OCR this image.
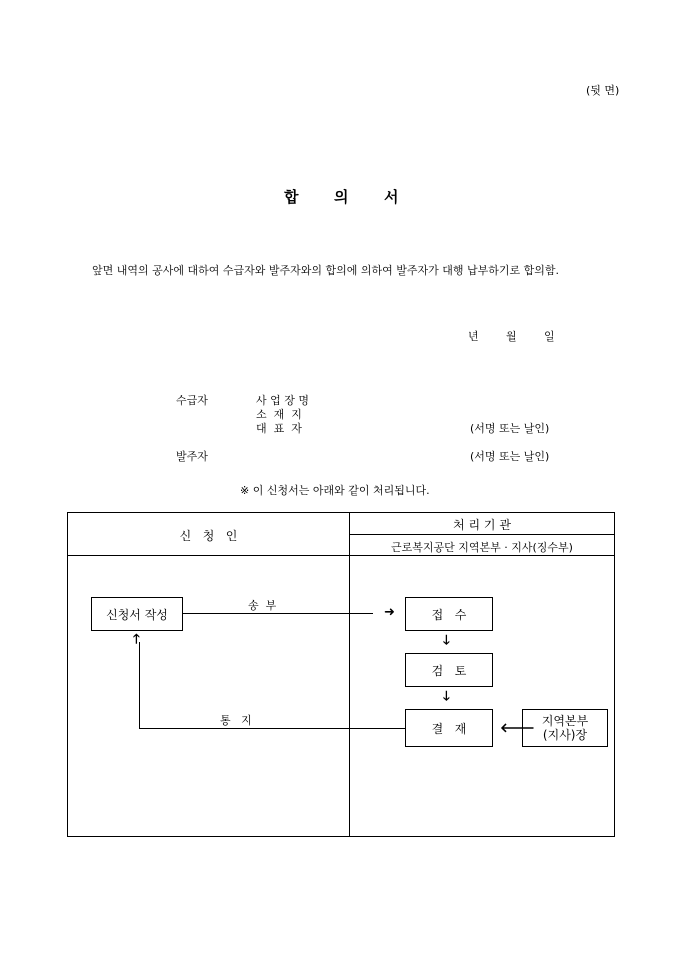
(뒷 면)
합 의 서
앞면 내역의 공사에 대하여 수급자와 발주자와의 합의에 의하여 발주자가 대행 납부하기로 합의함.
년 월 일
수급자	사 업 장 명
소  재  지
대  표  자	(서명 또는 날인)
발주자	(서명 또는 날인)
※ 이 신청서는 아래와 같이 처리됩니다.
신   청   인
처 리 기 관
근로복지공단 지역본부 · 지사(징수부)
신청서 작성	접   수
검   토
결   재
지역본부
(지사)장
송  부	➜
🡓
🡓
🡐
🡑
통   지
